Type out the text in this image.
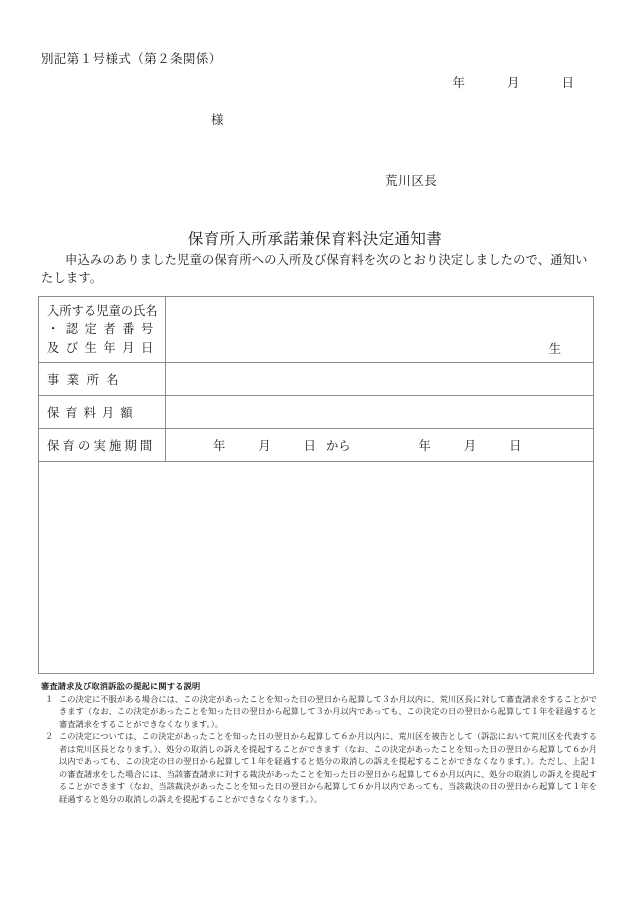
別記第１号様式（第２条関係）
年	月	日
様
荒川区長
保育所入所承諾兼保育料決定通知書
申込みのありました児童の保育所への入所及び保育料を次のとおり決定しましたので、通知いたします。
入所する児童の氏名
・認定者番号
及び生年月日	生

事業所名	

保育料月額	

保育の実施期間	年 月 日 から 年 月 日

審査請求及び取消訴訟の提起に関する説明
１ この決定に不服がある場合には、この決定があったことを知った日の翌日から起算して３か月以内に、荒川区長に対して審査請求をすることができます（なお、この決定があったことを知った日の翌日から起算して３か月以内であっても、この決定の日の翌日から起算して１年を経過すると審査請求をすることができなくなります。）。

２ この決定については、この決定があったことを知った日の翌日から起算して６か月以内に、荒川区を被告として（訴訟において荒川区を代表する者は荒川区長となります。）、処分の取消しの訴えを提起することができます（なお、この決定があったことを知った日の翌日から起算して６か月以内であっても、この決定の日の翌日から起算して１年を経過すると処分の取消しの訴えを提起することができなくなります。）。ただし、上記１の審査請求をした場合には、当該審査請求に対する裁決があったことを知った日の翌日から起算して６か月以内に、処分の取消しの訴えを提起することができます（なお、当該裁決があったことを知った日の翌日から起算して６か月以内であっても、当該裁決の日の翌日から起算して１年を経過すると処分の取消しの訴えを提起することができなくなります。）。
